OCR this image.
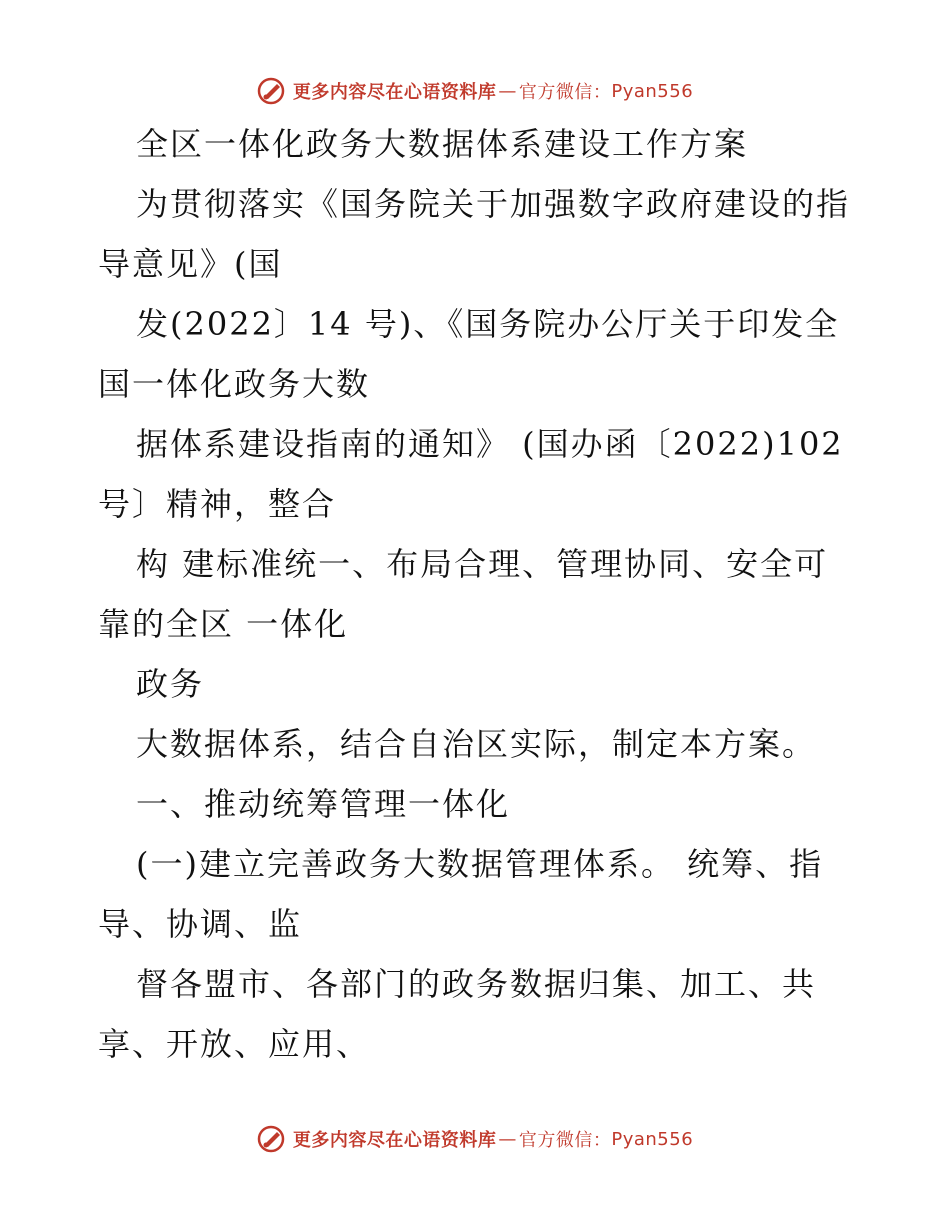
更多内容尽在心语资料库 — 官方微信： Pyan556

全区一体化政务大数据体系建设工作方案

为贯彻落实《国务院关于加强数字政府建设的指导意见》(国

发(2022〕14 号)、《国务院办公厅关于印发全国一体化政务大数

据体系建设指南的通知》 (国办函〔2022)102 号〕精神，整合

构 建标准统一、布局合理、管理协同、安全可靠的全区 一体化

政务

大数据体系，结合自治区实际，制定本方案。

一、推动统筹管理一体化

(一)建立完善政务大数据管理体系。 统筹、指导、协调、监

督各盟市、各部门的政务数据归集、加工、共享、开放、应用、

更多内容尽在心语资料库 — 官方微信： Pyan556
